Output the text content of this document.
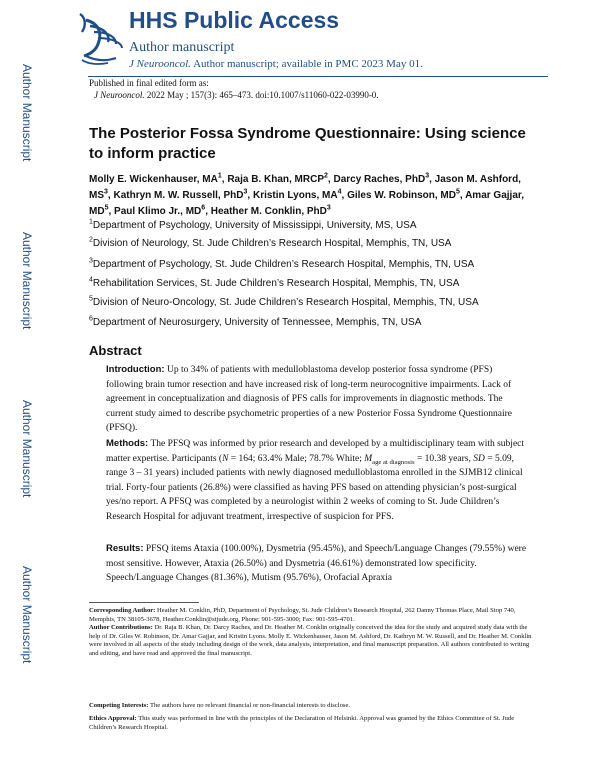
Author Manuscript
Author Manuscript
Author Manuscript
Author Manuscript
HHS Public Access
Author manuscript
J Neurooncol. Author manuscript; available in PMC 2023 May 01.
Published in final edited form as:
J Neurooncol. 2022 May ; 157(3): 465–473. doi:10.1007/s11060-022-03990-0.
The Posterior Fossa Syndrome Questionnaire: Using science to inform practice
Molly E. Wickenhauser, $MA^1$, Raja B. Khan, MRCP$^2$, Darcy Raches, PhD$^3$, Jason M. Ashford, $MS^3$, Kathryn M. W. Russell, PhD$^3$, Kristin Lyons, $MA^4$, Giles W. Robinson, $MD^5$, Amar Gajjar, $MD^5$, Paul Klimo Jr., $MD^6$, Heather M. Conklin, PhD$^3$
$^1$Department of Psychology, University of Mississippi, University, MS, USA
$^2$Division of Neurology, St. Jude Children’s Research Hospital, Memphis, TN, USA
$^3$Department of Psychology, St. Jude Children’s Research Hospital, Memphis, TN, USA
$^4$Rehabilitation Services, St. Jude Children’s Research Hospital, Memphis, TN, USA
$^5$Division of Neuro-Oncology, St. Jude Children’s Research Hospital, Memphis, TN, USA
$^6$Department of Neurosurgery, University of Tennessee, Memphis, TN, USA
Abstract
Introduction: Up to 34% of patients with medulloblastoma develop posterior fossa syndrome (PFS) following brain tumor resection and have increased risk of long-term neurocognitive impairments. Lack of agreement in conceptualization and diagnosis of PFS calls for improvements in diagnostic methods. The current study aimed to describe psychometric properties of a new Posterior Fossa Syndrome Questionnaire (PFSQ).
Methods: The PFSQ was informed by prior research and developed by a multidisciplinary team with subject matter expertise. Participants (N = 164; 63.4% Male; 78.7% White; $M_{age at diagnosis} = 10.38$ years, SD = 5.09, range 3 – 31 years) included patients with newly diagnosed medulloblastoma enrolled in the SJMB12 clinical trial. Forty-four patients (26.8%) were classified as having PFS based on attending physician’s post-surgical yes/no report. A PFSQ was completed by a neurologist within 2 weeks of coming to St. Jude Children’s Research Hospital for adjuvant treatment, irrespective of suspicion for PFS.
Results: PFSQ items Ataxia (100.00%), Dysmetria (95.45%), and Speech/Language Changes (79.55%) were most sensitive. However, Ataxia (26.50%) and Dysmetria (46.61%) demonstrated low specificity. Speech/Language Changes (81.36%), Mutism (95.76%), Orofacial Apraxia
Corresponding Author: Heather M. Conklin, PhD, Department of Psychology, St. Jude Children’s Research Hospital, 262 Danny Thomas Place, Mail Stop 740, Memphis, TN 38105-3678, Heather.Conklin@stjude.org, Phone: 901-595-3000; Fax: 901-595-4701.
Author Contributions: Dr. Raja B. Khan, Dr. Darcy Raches, and Dr. Heather M. Conklin originally conceived the idea for the study and acquired study data with the help of Dr. Giles W. Robinson, Dr. Amar Gajjar, and Kristin Lyons. Molly E. Wickenhauser, Jason M. Ashford, Dr. Kathryn M. W. Russell, and Dr. Heather M. Conklin were involved in all aspects of the study including design of the work, data analysis, interpretation, and final manuscript preparation. All authors contributed to writing and editing, and have read and approved the final manuscript.
Competing Interests: The authors have no relevant financial or non-financial interests to disclose.
Ethics Approval: This study was performed in line with the principles of the Declaration of Helsinki. Approval was granted by the Ethics Committee of St. Jude Children’s Research Hospital.
